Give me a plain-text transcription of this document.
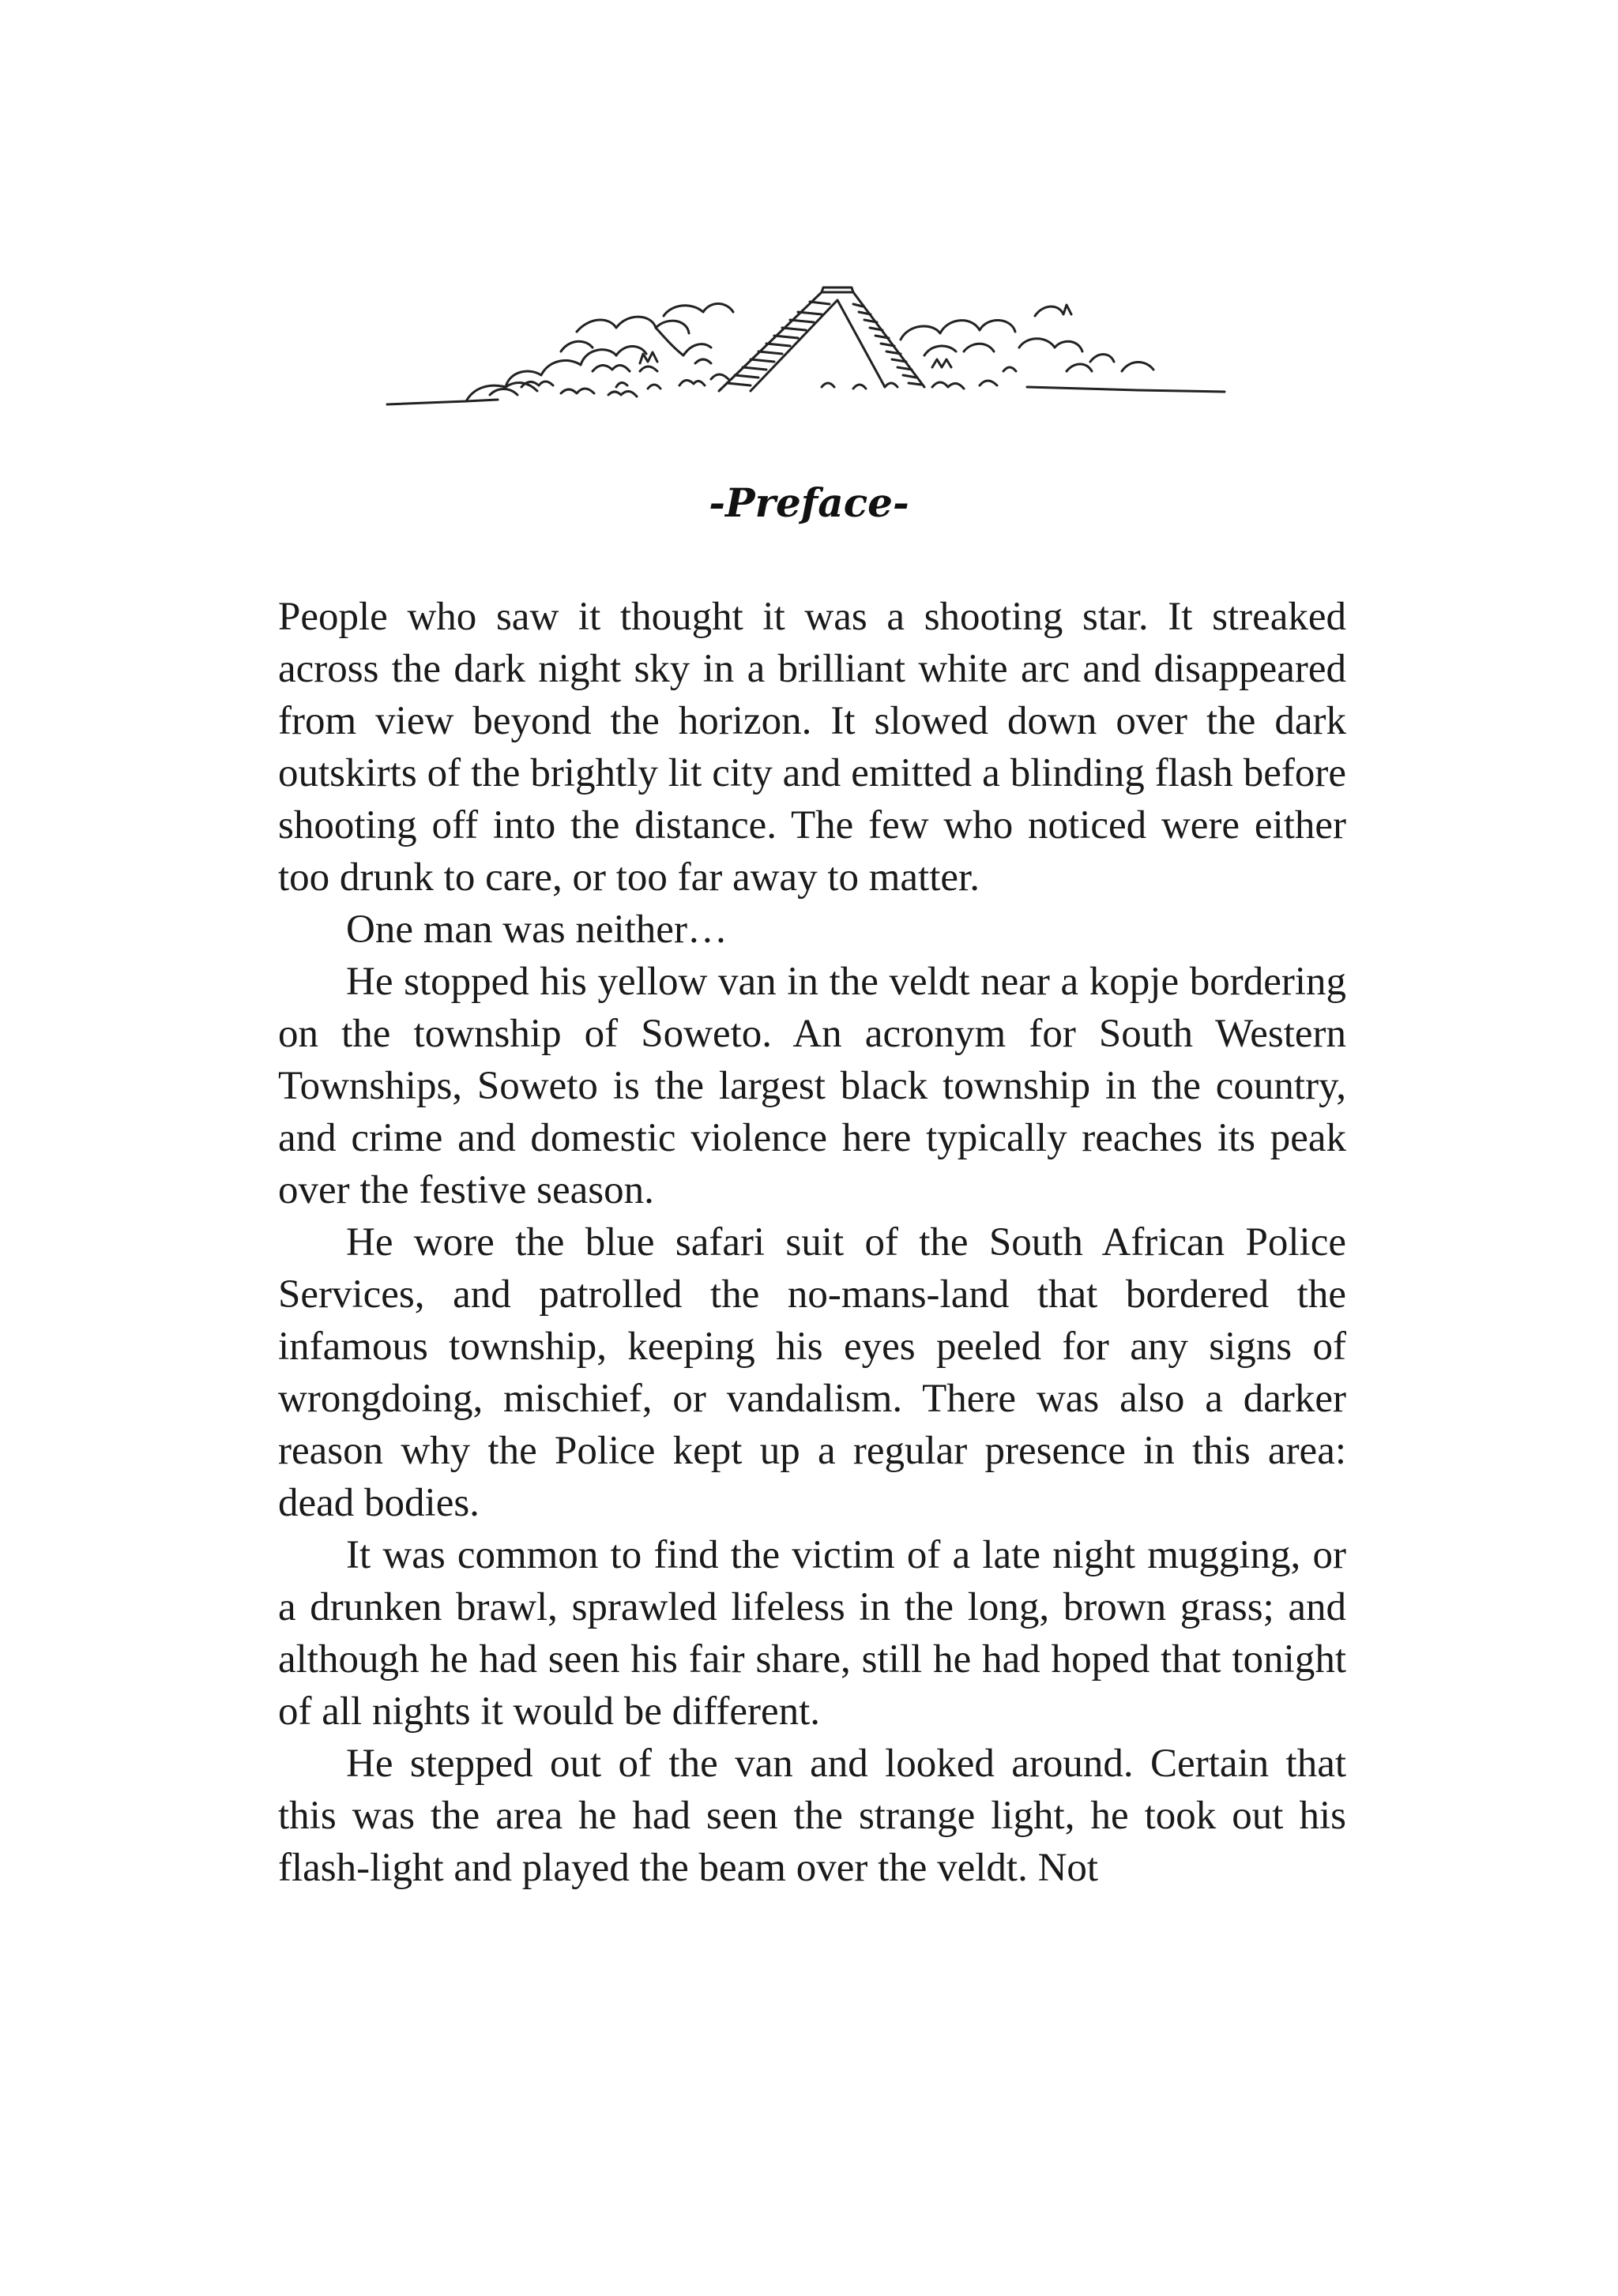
-Preface-

People who saw it thought it was a shooting star. It streaked across the dark night sky in a brilliant white arc and disappeared from view beyond the horizon. It slowed down over the dark outskirts of the brightly lit city and emitted a blinding flash before shooting off into the distance. The few who noticed were either too drunk to care, or too far away to matter.

One man was neither…

He stopped his yellow van in the veldt near a kopje bordering on the township of Soweto. An acronym for South Western Townships, Soweto is the largest black township in the country, and crime and domestic violence here typically reaches its peak over the festive season.

He wore the blue safari suit of the South African Police Services, and patrolled the no-mans-land that bordered the infamous township, keeping his eyes peeled for any signs of wrongdoing, mischief, or vandalism. There was also a darker reason why the Police kept up a regular presence in this area: dead bodies.

It was common to find the victim of a late night mugging, or a drunken brawl, sprawled lifeless in the long, brown grass; and although he had seen his fair share, still he had hoped that tonight of all nights it would be different.

He stepped out of the van and looked around. Certain that this was the area he had seen the strange light, he took out his flash-light and played the beam over the veldt. Not
